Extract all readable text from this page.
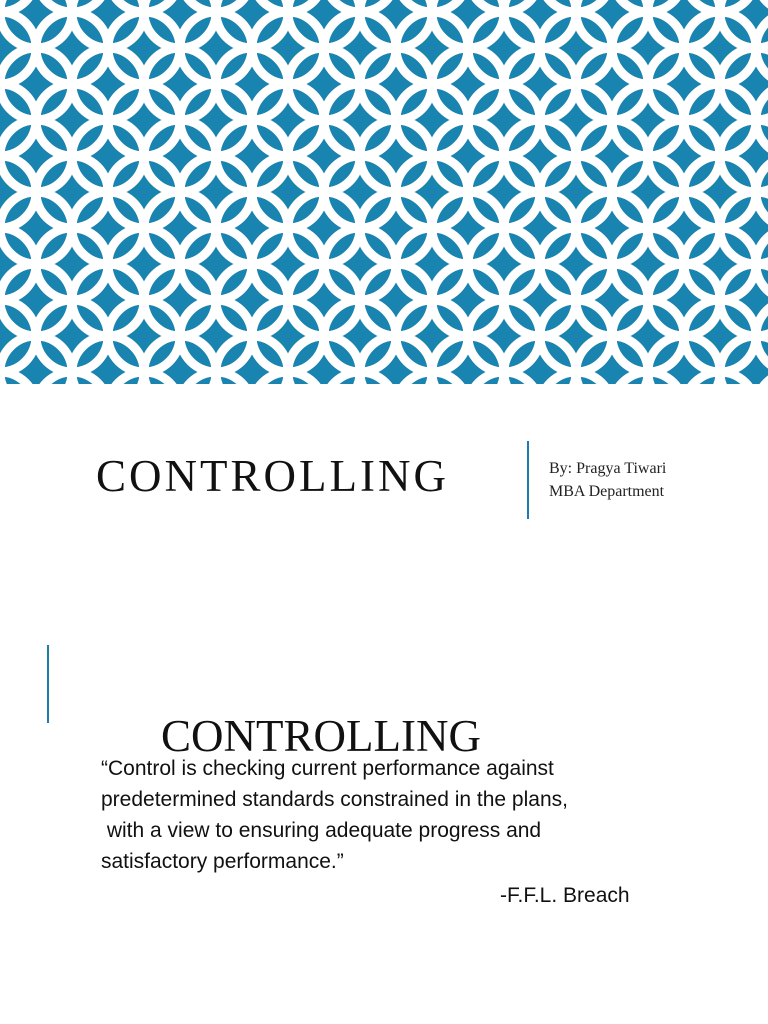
CONTROLLING	By: Pragya Tiwari
MBA Department
CONTROLLING
“Control is checking current performance against
predetermined standards constrained in the plans,
with a view to ensuring adequate progress and
satisfactory performance.”
-F.F.L. Breach
